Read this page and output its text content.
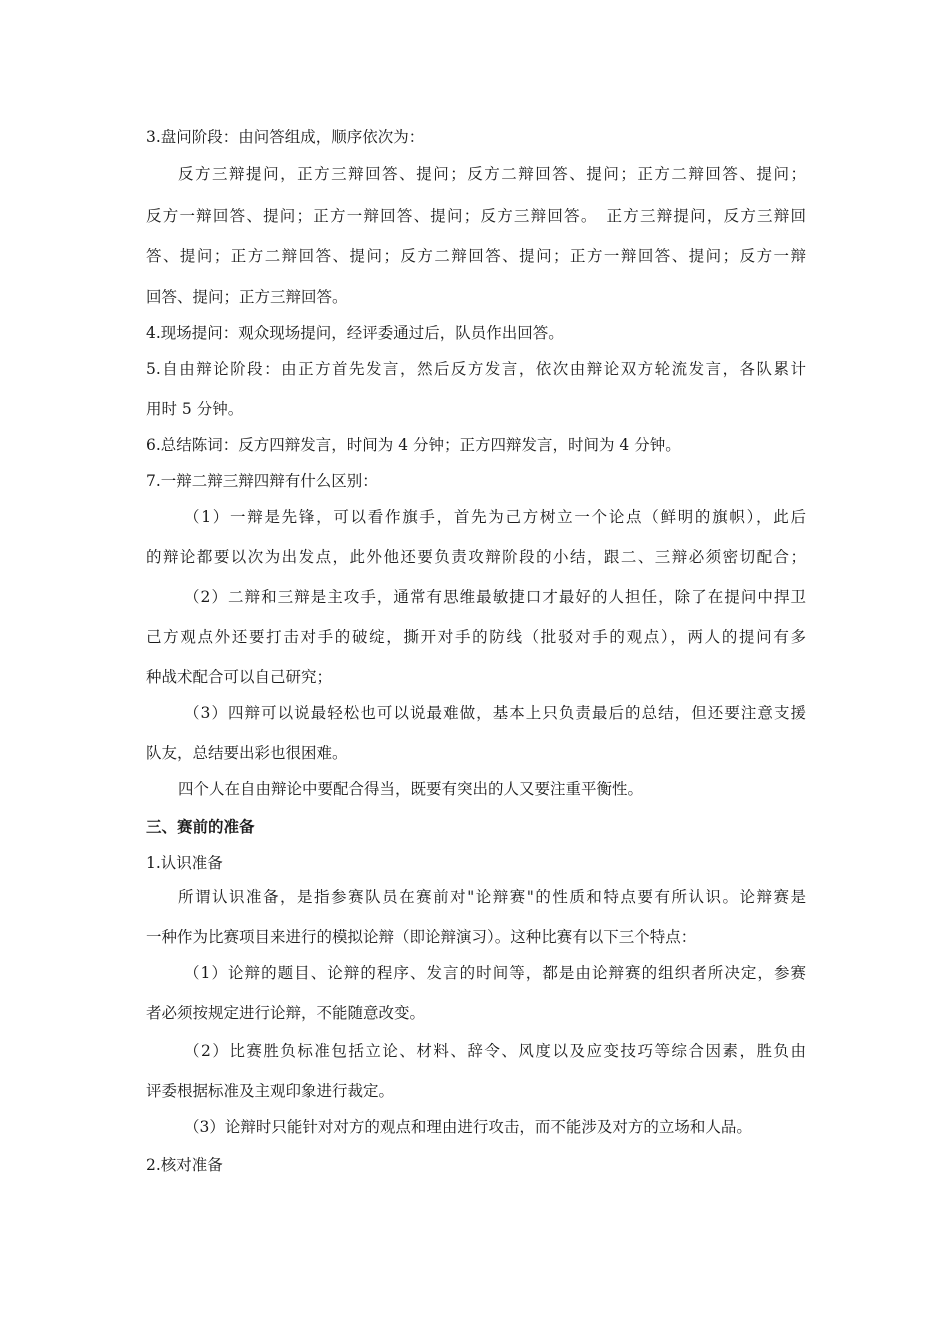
3.盘问阶段：由问答组成，顺序依次为：
反方三辩提问，正方三辩回答、提问；反方二辩回答、提问；正方二辩回答、提问；
反方一辩回答、提问；正方一辩回答、提问；反方三辩回答。　正方三辩提问，反方三辩回
答、提问；正方二辩回答、提问；反方二辩回答、提问；正方一辩回答、提问；反方一辩
回答、提问；正方三辩回答。
4.现场提问：观众现场提问，经评委通过后，队员作出回答。
5.自由辩论阶段：由正方首先发言，然后反方发言，依次由辩论双方轮流发言，各队累计
用时 5 分钟。
6.总结陈词：反方四辩发言，时间为 4 分钟；正方四辩发言，时间为 4 分钟。
7.一辩二辩三辩四辩有什么区别：
（1）一辩是先锋，可以看作旗手，首先为己方树立一个论点（鲜明的旗帜），此后
的辩论都要以次为出发点，此外他还要负责攻辩阶段的小结，跟二、三辩必须密切配合；
（2）二辩和三辩是主攻手，通常有思维最敏捷口才最好的人担任，除了在提问中捍卫
己方观点外还要打击对手的破绽，撕开对手的防线（批驳对手的观点），两人的提问有多
种战术配合可以自己研究；
（3）四辩可以说最轻松也可以说最难做，基本上只负责最后的总结，但还要注意支援
队友，总结要出彩也很困难。
四个人在自由辩论中要配合得当，既要有突出的人又要注重平衡性。
三、赛前的准备
1.认识准备
所谓认识准备，是指参赛队员在赛前对"论辩赛"的性质和特点要有所认识。论辩赛是
一种作为比赛项目来进行的模拟论辩（即论辩演习）。这种比赛有以下三个特点：
（1）论辩的题目、论辩的程序、发言的时间等，都是由论辩赛的组织者所决定，参赛
者必须按规定进行论辩，不能随意改变。
（2）比赛胜负标准包括立论、材料、辞令、风度以及应变技巧等综合因素，胜负由
评委根据标准及主观印象进行裁定。
（3）论辩时只能针对对方的观点和理由进行攻击，而不能涉及对方的立场和人品。
2.核对准备
